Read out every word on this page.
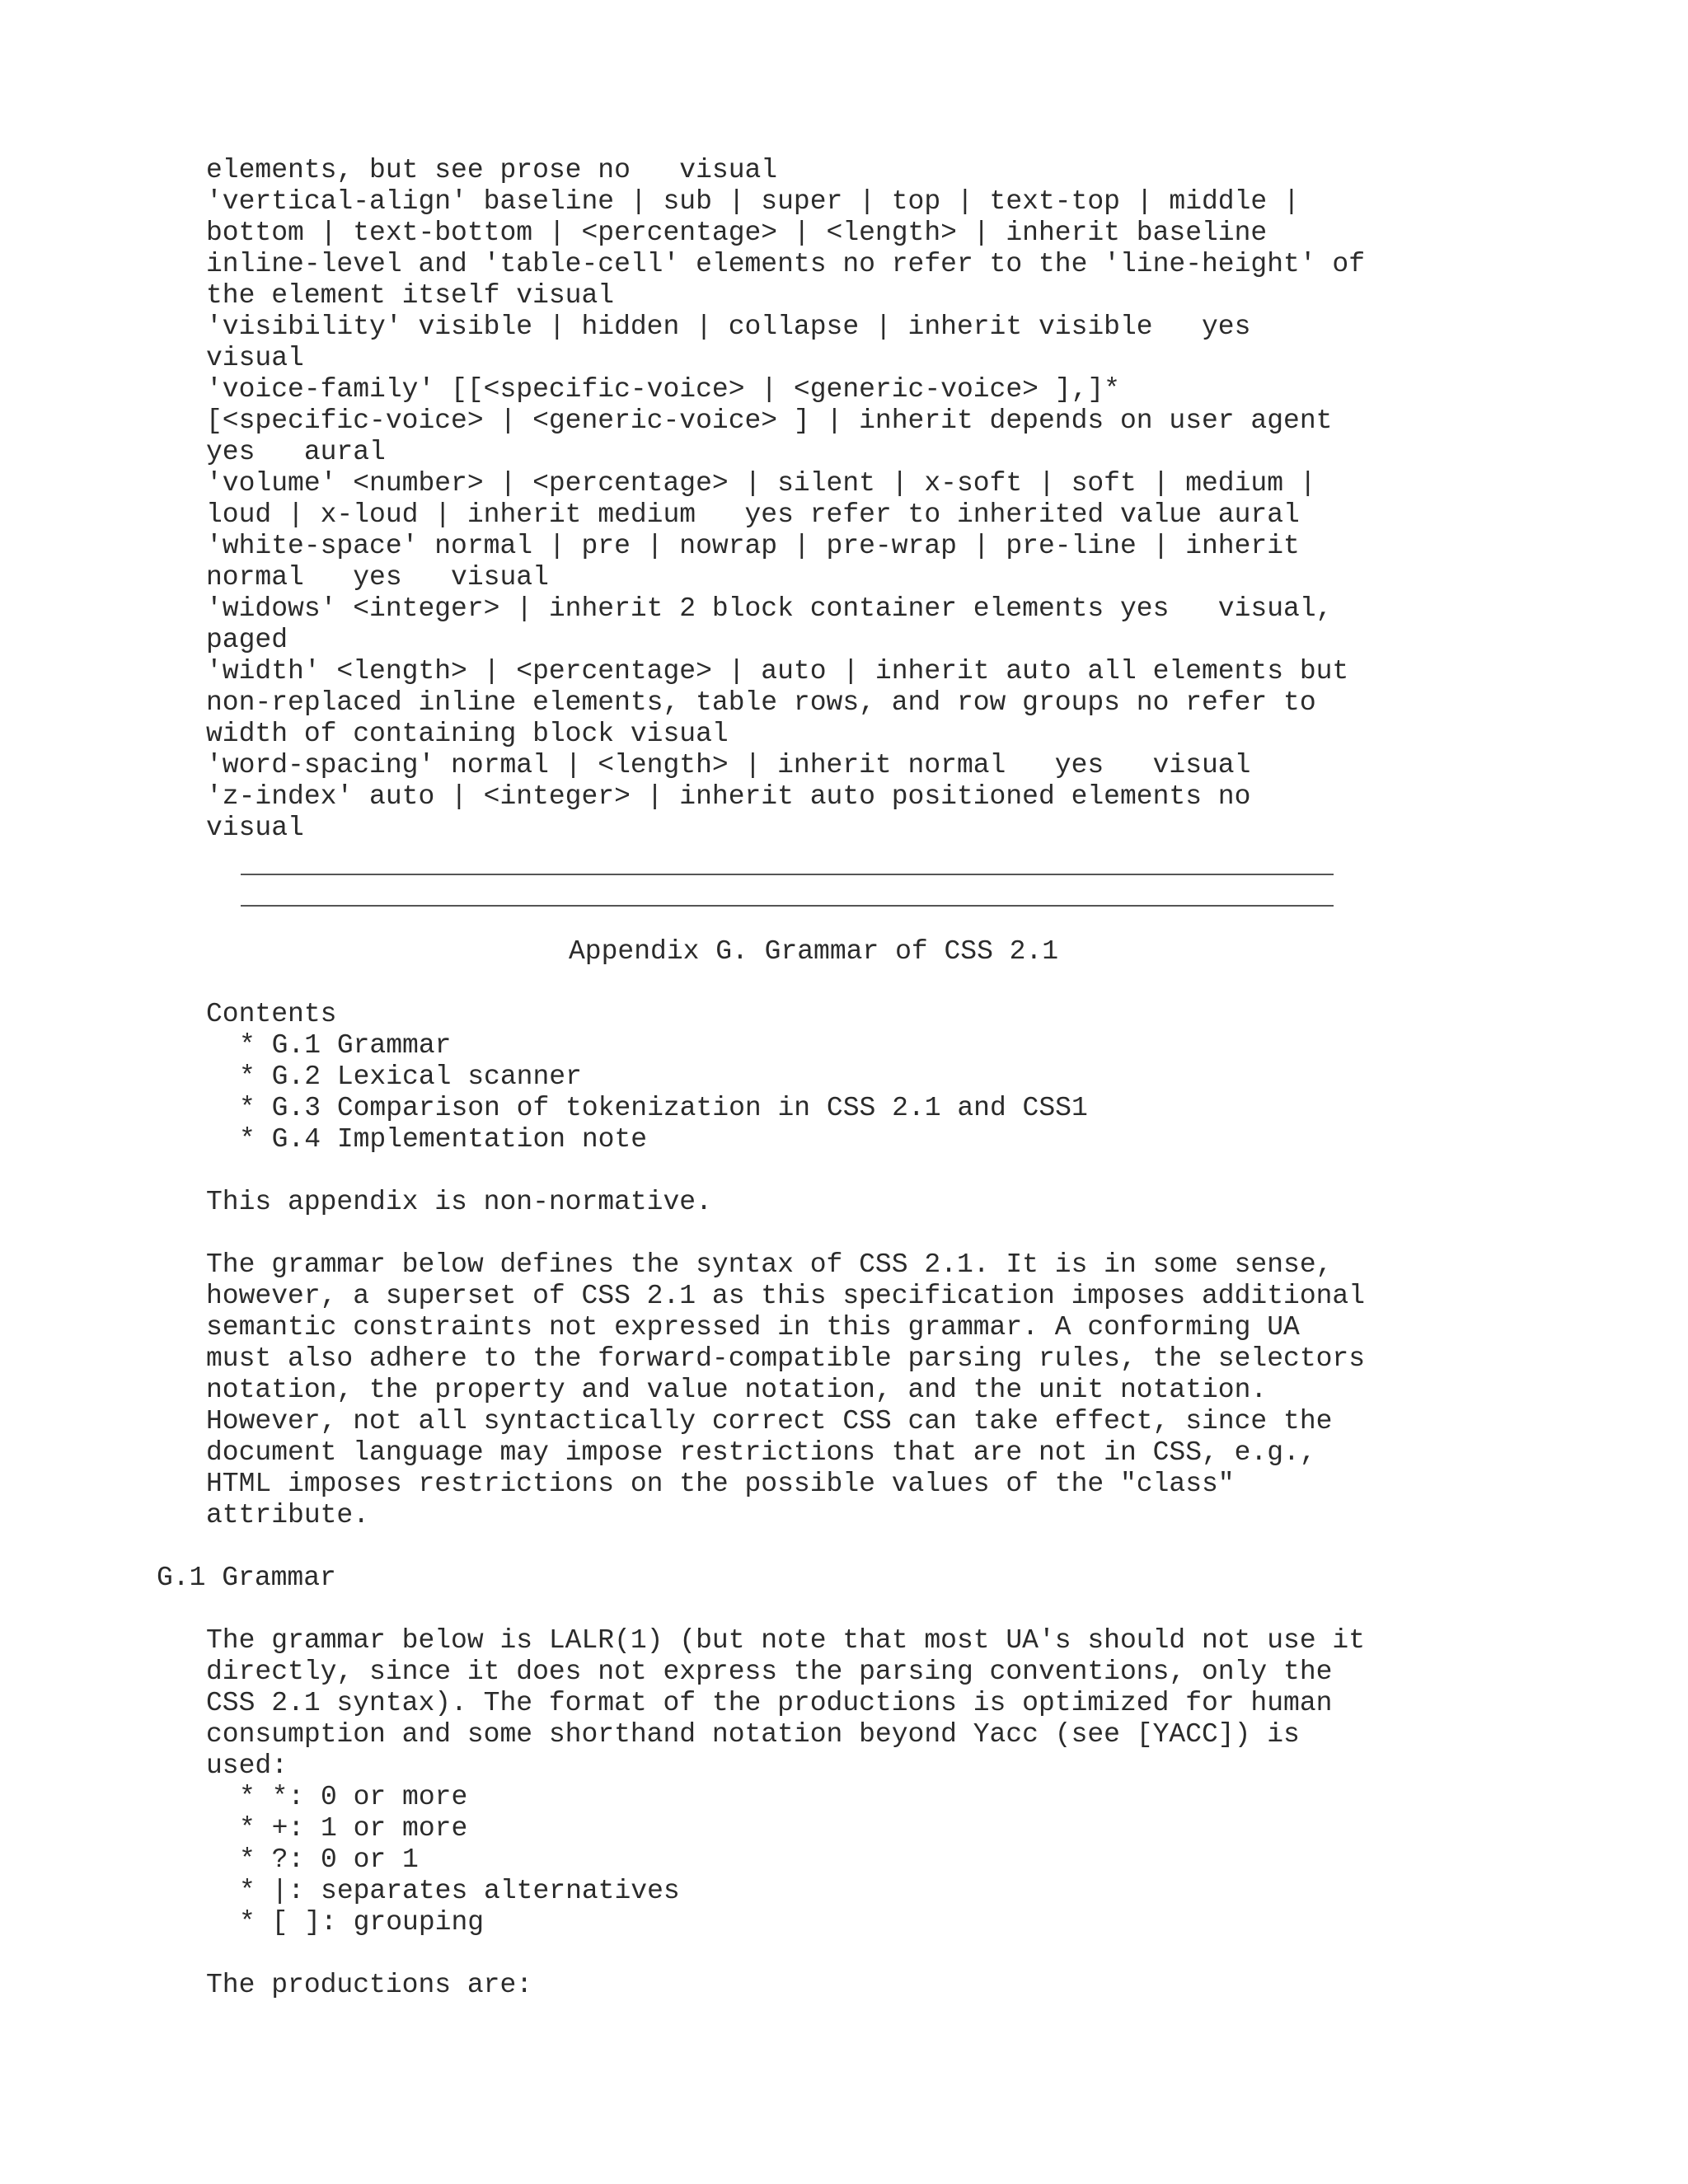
elements, but see prose no   visual

'vertical-align' baseline | sub | super | top | text-top | middle |

bottom | text-bottom | <percentage> | <length> | inherit baseline

inline-level and 'table-cell' elements no refer to the 'line-height' of

the element itself visual

'visibility' visible | hidden | collapse | inherit visible   yes

visual

'voice-family' [[<specific-voice> | <generic-voice> ],]*

[<specific-voice> | <generic-voice> ] | inherit depends on user agent

yes   aural

'volume' <number> | <percentage> | silent | x-soft | soft | medium |

loud | x-loud | inherit medium   yes refer to inherited value aural

'white-space' normal | pre | nowrap | pre-wrap | pre-line | inherit

normal   yes   visual

'widows' <integer> | inherit 2 block container elements yes   visual,

paged

'width' <length> | <percentage> | auto | inherit auto all elements but

non-replaced inline elements, table rows, and row groups no refer to

width of containing block visual

'word-spacing' normal | <length> | inherit normal   yes   visual

'z-index' auto | <integer> | inherit auto positioned elements no

visual

Appendix G. Grammar of CSS 2.1

Contents

* G.1 Grammar

* G.2 Lexical scanner

* G.3 Comparison of tokenization in CSS 2.1 and CSS1

* G.4 Implementation note

This appendix is non-normative.

The grammar below defines the syntax of CSS 2.1. It is in some sense,

however, a superset of CSS 2.1 as this specification imposes additional

semantic constraints not expressed in this grammar. A conforming UA

must also adhere to the forward-compatible parsing rules, the selectors

notation, the property and value notation, and the unit notation.

However, not all syntactically correct CSS can take effect, since the

document language may impose restrictions that are not in CSS, e.g.,

HTML imposes restrictions on the possible values of the "class"

attribute.

G.1 Grammar

The grammar below is LALR(1) (but note that most UA's should not use it

directly, since it does not express the parsing conventions, only the

CSS 2.1 syntax). The format of the productions is optimized for human

consumption and some shorthand notation beyond Yacc (see [YACC]) is

used:

* *: 0 or more

* +: 1 or more

* ?: 0 or 1

* |: separates alternatives

* [ ]: grouping

The productions are:
